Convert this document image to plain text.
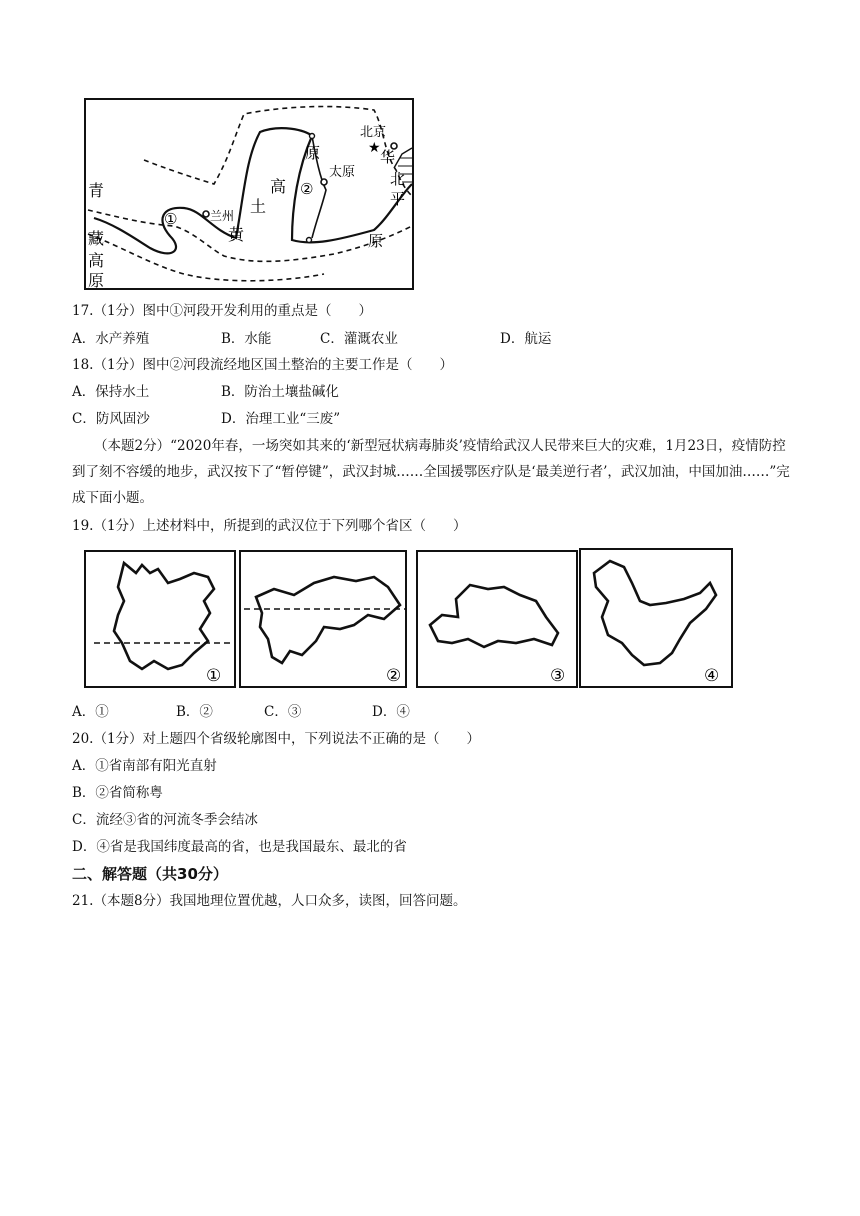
北京
★
原	华
北
平
原
太原
高
土
黄
兰州
青
藏
高
原
①
②
17.（1分）图中①河段开发利用的重点是（　　）
A．水产养殖	B．水能	C．灌溉农业	D．航运
18.（1分）图中②河段流经地区国土整治的主要工作是（　　）
A．保持水土	B．防治土壤盐碱化
C．防风固沙	D．治理工业“三废”
（本题2分）“2020年春，一场突如其来的‘新型冠状病毒肺炎’疫情给武汉人民带来巨大的灾难，1月23日，疫情防控到了刻不容缓的地步，武汉按下了“暂停键”，武汉封城……全国援鄂医疗队是‘最美逆行者’，武汉加油，中国加油……”完成下面小题。
19.（1分）上述材料中，所提到的武汉位于下列哪个省区（　　）
①	②	③	④
A．①	B．②	C．③	D．④
20.（1分）对上题四个省级轮廓图中，下列说法不正确的是（　　）
A．①省南部有阳光直射
B．②省简称粤
C．流经③省的河流冬季会结冰
D．④省是我国纬度最高的省，也是我国最东、最北的省
二、解答题（共30分）
21.（本题8分）我国地理位置优越，人口众多，读图，回答问题。
